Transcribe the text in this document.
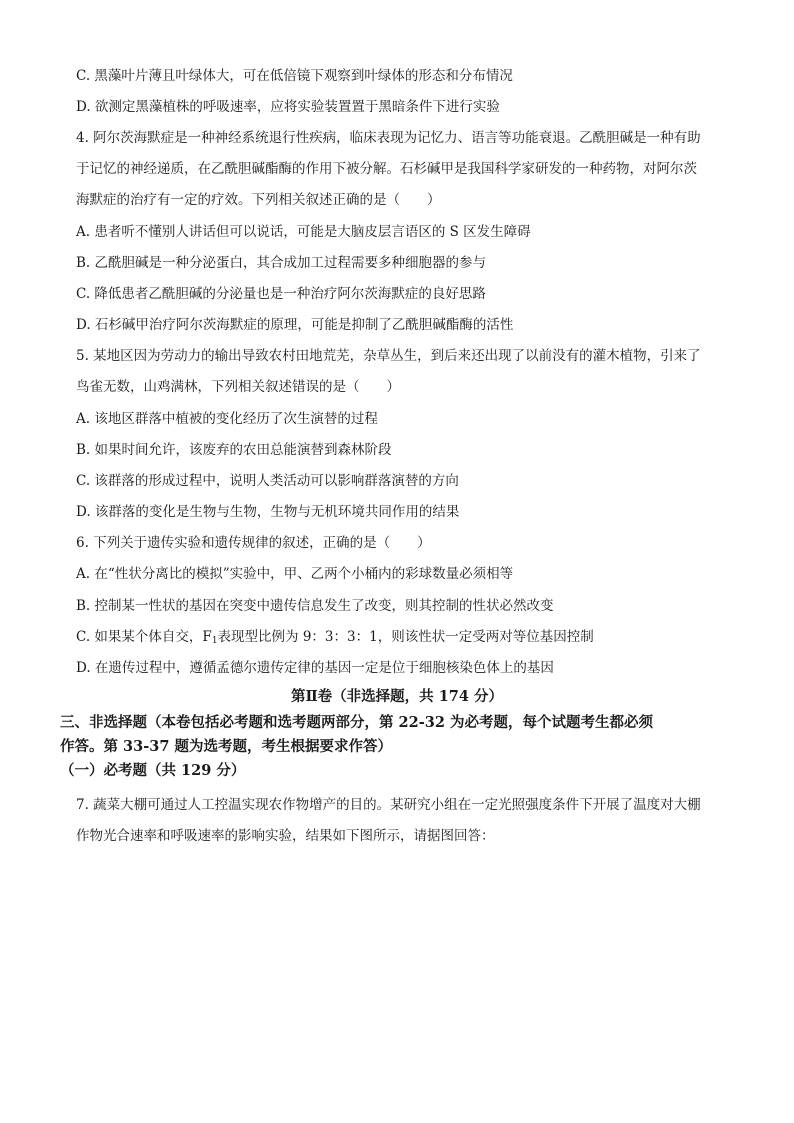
C. 黑藻叶片薄且叶绿体大，可在低倍镜下观察到叶绿体的形态和分布情况
D. 欲测定黑藻植株的呼吸速率，应将实验装置置于黑暗条件下进行实验
4. 阿尔茨海默症是一种神经系统退行性疾病，临床表现为记忆力、语言等功能衰退。乙酰胆碱是一种有助
于记忆的神经递质，在乙酰胆碱酯酶的作用下被分解。石杉碱甲是我国科学家研发的一种药物，对阿尔茨
海默症的治疗有一定的疗效。下列相关叙述正确的是（　　）
A. 患者听不懂别人讲话但可以说话，可能是大脑皮层言语区的 S 区发生障碍
B. 乙酰胆碱是一种分泌蛋白，其合成加工过程需要多种细胞器的参与
C. 降低患者乙酰胆碱的分泌量也是一种治疗阿尔茨海默症的良好思路
D. 石杉碱甲治疗阿尔茨海默症的原理，可能是抑制了乙酰胆碱酯酶的活性
5. 某地区因为劳动力的输出导致农村田地荒芜，杂草丛生，到后来还出现了以前没有的灌木植物，引来了
鸟雀无数，山鸡满林，下列相关叙述错误的是（　　）
A. 该地区群落中植被的变化经历了次生演替的过程
B. 如果时间允许，该废弃的农田总能演替到森林阶段
C. 该群落的形成过程中，说明人类活动可以影响群落演替的方向
D. 该群落的变化是生物与生物，生物与无机环境共同作用的结果
6. 下列关于遗传实验和遗传规律的叙述，正确的是（　　）
A. 在“性状分离比的模拟”实验中，甲、乙两个小桶内的彩球数量必须相等
B. 控制某一性状的基因在突变中遗传信息发生了改变，则其控制的性状必然改变
C. 如果某个体自交，$F_1$表现型比例为 9：3：3：1，则该性状一定受两对等位基因控制
D. 在遗传过程中，遵循孟德尔遗传定律的基因一定是位于细胞核染色体上的基因
第Ⅱ卷（非选择题，共 174 分）
三、非选择题（本卷包括必考题和选考题两部分，第 22-32 为必考题，每个试题考生都必须
作答。第 33-37 题为选考题，考生根据要求作答）
（一）必考题（共 129 分）
7. 蔬菜大棚可通过人工控温实现农作物增产的目的。某研究小组在一定光照强度条件下开展了温度对大棚
作物光合速率和呼吸速率的影响实验，结果如下图所示，请据图回答：
